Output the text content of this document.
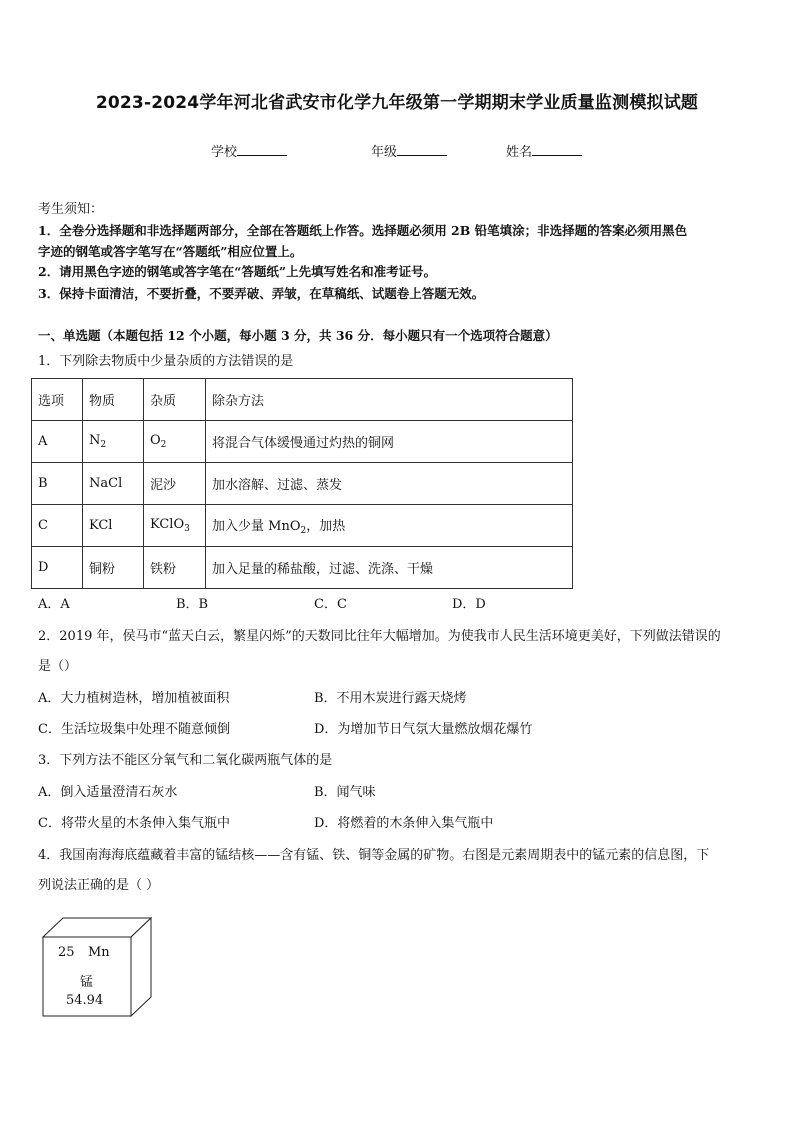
2023-2024学年河北省武安市化学九年级第一学期期末学业质量监测模拟试题
学校	年级	姓名
考生须知：
1．全卷分选择题和非选择题两部分，全部在答题纸上作答。选择题必须用 2B 铅笔填涂；非选择题的答案必须用黑色
字迹的钢笔或答字笔写在“答题纸”相应位置上。
2．请用黑色字迹的钢笔或答字笔在“答题纸”上先填写姓名和准考证号。
3．保持卡面清洁，不要折叠，不要弄破、弄皱，在草稿纸、试题卷上答题无效。
一、单选题（本题包括 12 个小题，每小题 3 分，共 36 分．每小题只有一个选项符合题意）
1．下列除去物质中少量杂质的方法错误的是
选项	物质	杂质	除杂方法
A	$N_2$	$O_2$	将混合气体缓慢通过灼热的铜网
B	NaCl	泥沙	加水溶解、过滤、蒸发
C	KCl	KClO$_3$	加入少量 MnO$_2$，加热
D	铜粉	铁粉	加入足量的稀盐酸，过滤、洗涤、干燥
A．A	B．B	C．C	D．D
2．2019 年，侯马市“蓝天白云，繁星闪烁”的天数同比往年大幅增加。为使我市人民生活环境更美好，下列做法错误的
是（）
A．大力植树造林，增加植被面积	B．不用木炭进行露天烧烤
C．生活垃圾集中处理不随意倾倒	D．为增加节日气氛大量燃放烟花爆竹
3．下列方法不能区分氧气和二氧化碳两瓶气体的是
A．倒入适量澄清石灰水	B．闻气味
C．将带火星的木条伸入集气瓶中	D．将燃着的木条伸入集气瓶中
4．我国南海海底蕴藏着丰富的锰结核——含有锰、铁、铜等金属的矿物。右图是元素周期表中的锰元素的信息图，下
列说法正确的是（ ）
25 Mn
锰
54.94
